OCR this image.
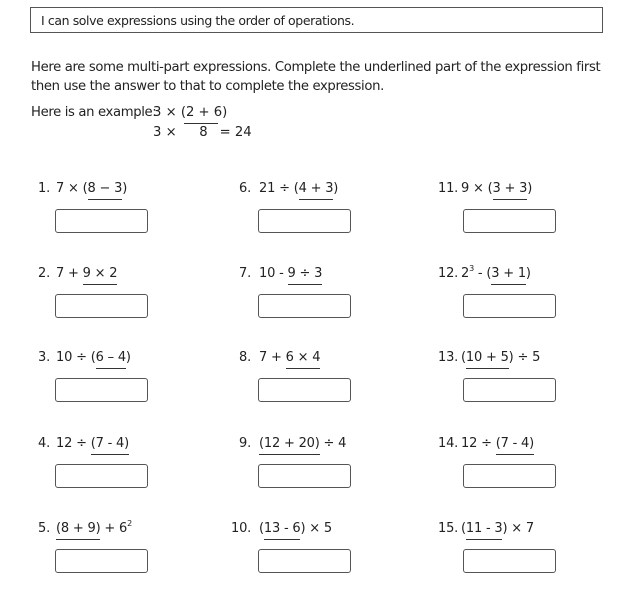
I can solve expressions using the order of operations.
Here are some multi-part expressions. Complete the underlined part of the expression first then use the answer to that to complete the expression.
Here is an example:
3 × (2 + 6)
3 × 8 = 24
1. 7 × (8 − 3)
2. 7 + 9 × 2
3. 10 ÷ (6 – 4)
4. 12 ÷ (7 - 4)
5. $(8 + 9) + 6^2$
6. 21 ÷ (4 + 3)
7. 10 - 9 ÷ 3
8. 7 + 6 × 4
9. (12 + 20) ÷ 4
10. (13 - 6) × 5
11. 9 × (3 + 3)
12. $2^3 - (3 + 1)$
13. (10 + 5) ÷ 5
14. 12 ÷ (7 - 4)
15. (11 - 3) × 7
